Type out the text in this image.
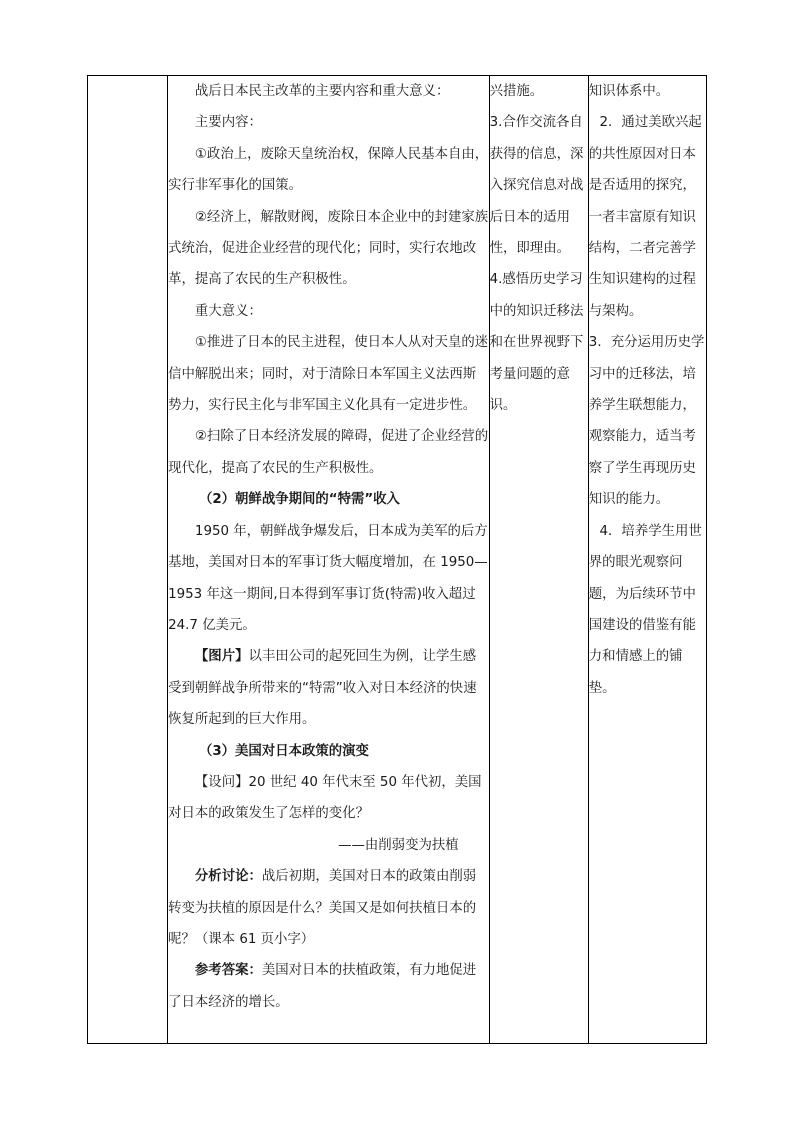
战后日本民主改革的主要内容和重大意义：

主要内容：

①政治上，废除天皇统治权，保障人民基本自由，实行非军事化的国策。

②经济上，解散财阀，废除日本企业中的封建家族式统治，促进企业经营的现代化；同时，实行农地改革，提高了农民的生产积极性。

重大意义：

①推进了日本的民主进程，使日本人从对天皇的迷信中解脱出来；同时，对于清除日本军国主义法西斯势力，实行民主化与非军国主义化具有一定进步性。

②扫除了日本经济发展的障碍，促进了企业经营的现代化，提高了农民的生产积极性。

（2）朝鲜战争期间的“特需”收入

1950 年，朝鲜战争爆发后，日本成为美军的后方基地，美国对日本的军事订货大幅度增加，在 1950—1953 年这一期间,日本得到军事订货(特需)收入超过 24.7 亿美元。

【图片】以丰田公司的起死回生为例，让学生感受到朝鲜战争所带来的“特需”收入对日本经济的快速恢复所起到的巨大作用。

（3）美国对日本政策的演变

【设问】20 世纪 40 年代末至 50 年代初，美国对日本的政策发生了怎样的变化？

——由削弱变为扶植

分析讨论：战后初期，美国对日本的政策由削弱转变为扶植的原因是什么？美国又是如何扶植日本的呢？（课本 61 页小字）

参考答案：美国对日本的扶植政策，有力地促进了日本经济的增长。

兴措施。

3.合作交流各自获得的信息，深入探究信息对战后日本的适用性，即理由。

4.感悟历史学习中的知识迁移法和在世界视野下考量问题的意识。

知识体系中。

2．通过美欧兴起的共性原因对日本是否适用的探究，一者丰富原有知识结构，二者完善学生知识建构的过程与架构。

3．充分运用历史学习中的迁移法，培养学生联想能力，观察能力，适当考察了学生再现历史知识的能力。

4．培养学生用世界的眼光观察问题，为后续环节中国建设的借鉴有能力和情感上的铺垫。
